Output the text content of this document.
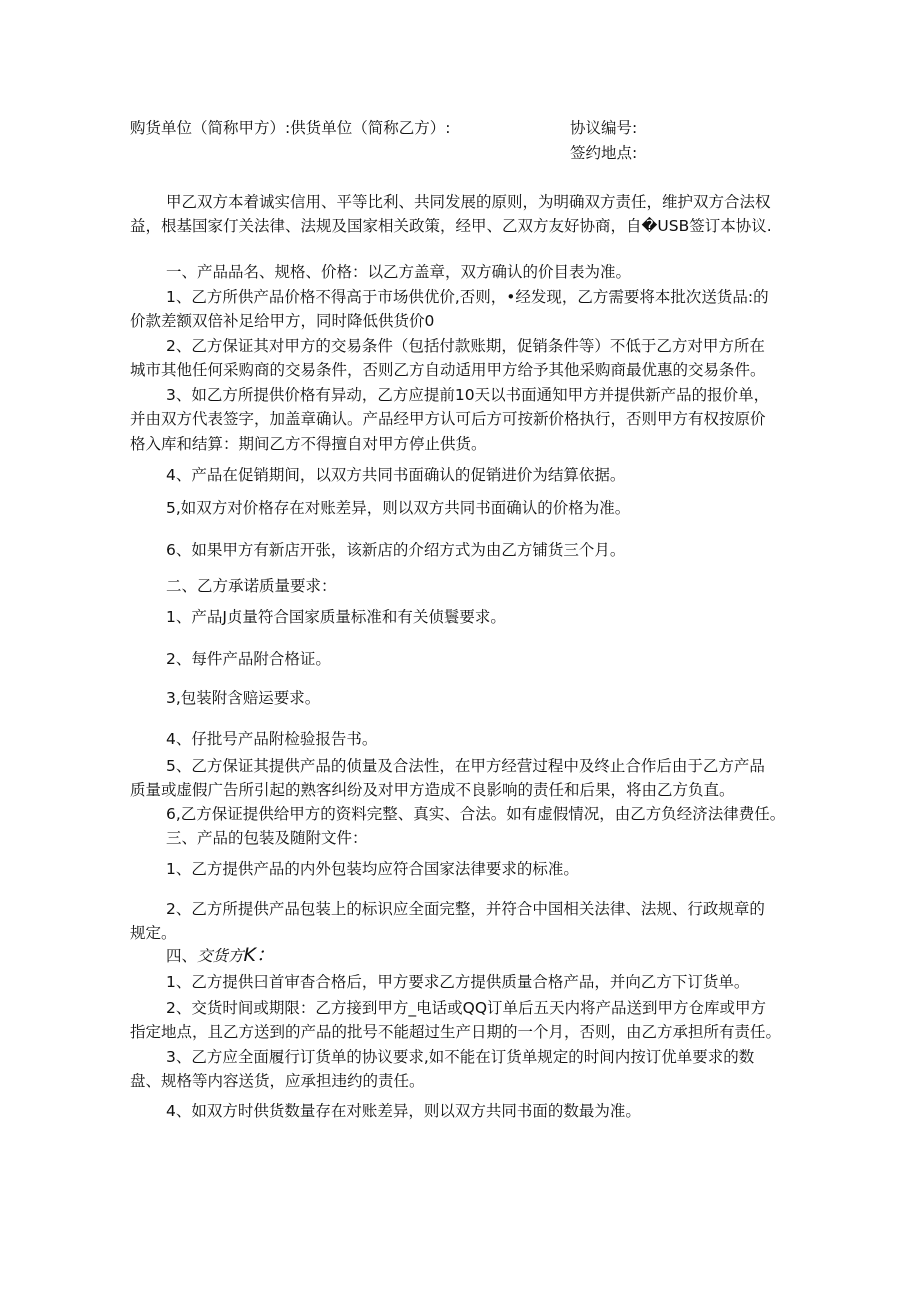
购货单位（简称甲方）:供货单位（简称乙方）:	协议编号:
签约地点:
甲乙双方本着诚实信用、平等比利、共同发展的原则，为明确双方责任，维护双方合法权
益，根基国家仃关法律、法规及国家相关政策，经甲、乙双方友好协商，自�USB签订本协议.
一、产品品名、规格、价格：以乙方盖章，双方确认的价目表为准。
1、乙方所供产品价格不得高于市场供优价,否则，•经发现，乙方需要将本批次送货品:的
价款差额双倍补足给甲方，同时降低供货价0
2、乙方保证其对甲方的交易条件（包括付款账期，促销条件等）不低于乙方对甲方所在
城市其他任何采购商的交易条件，否则乙方自动适用甲方给予其他采购商最优惠的交易条件。
3、如乙方所提供价格有异动，乙方应提前10天以书面通知甲方并提供新产品的报价单，
并由双方代表签字，加盖章确认。产品经甲方认可后方可按新价格执行，否则甲方有权按原价
格入库和结算：期间乙方不得擅自对甲方停止供货。
4、产品在促销期间，以双方共同书面确认的促销进价为结算依据。
5,如双方对价格存在对账差异，则以双方共同书面确认的价格为准。
6、如果甲方有新店开张，该新店的介绍方式为由乙方铺货三个月。
二、乙方承诺质量要求：
1、产品J贞量符合国家质量标准和有关侦鬟要求。
2、每件产品附合格证。
3,包装附含赔运要求。
4、仔批号产品附检验报告书。
5、乙方保证其提供产品的侦量及合法性，在甲方经营过程中及终止合作后由于乙方产品
质量或虚假广告所引起的熟客纠纷及对甲方造成不良影响的责任和后果，将由乙方负直。
6,乙方保证提供给甲方的资料完整、真实、合法。如有虚假情况，由乙方负经济法律费任。
三、产品的包装及随附文件：
1、乙方提供产品的内外包装均应符合国家法律要求的标准。
2、乙方所提供产品包装上的标识应全面完整，并符合中国相关法律、法规、行政规章的
规定。
四、交货方K：
1、乙方提供曰首审杳合格后，甲方要求乙方提供质量合格产品，并向乙方下订货单。
2、交货时间或期限：乙方接到甲方_电话或QQ订单后五天内将产品送到甲方仓库或甲方
指定地点，且乙方送到的产品的批号不能超过生产日期的一个月，否则，由乙方承担所有责任。
3、乙方应全面履行订货单的协议要求,如不能在订货单规定的时间内按订优单要求的数
盘、规格等内容送货，应承担违约的责任。
4、如双方时供货数量存在对账差异，则以双方共同书面的数最为准。
